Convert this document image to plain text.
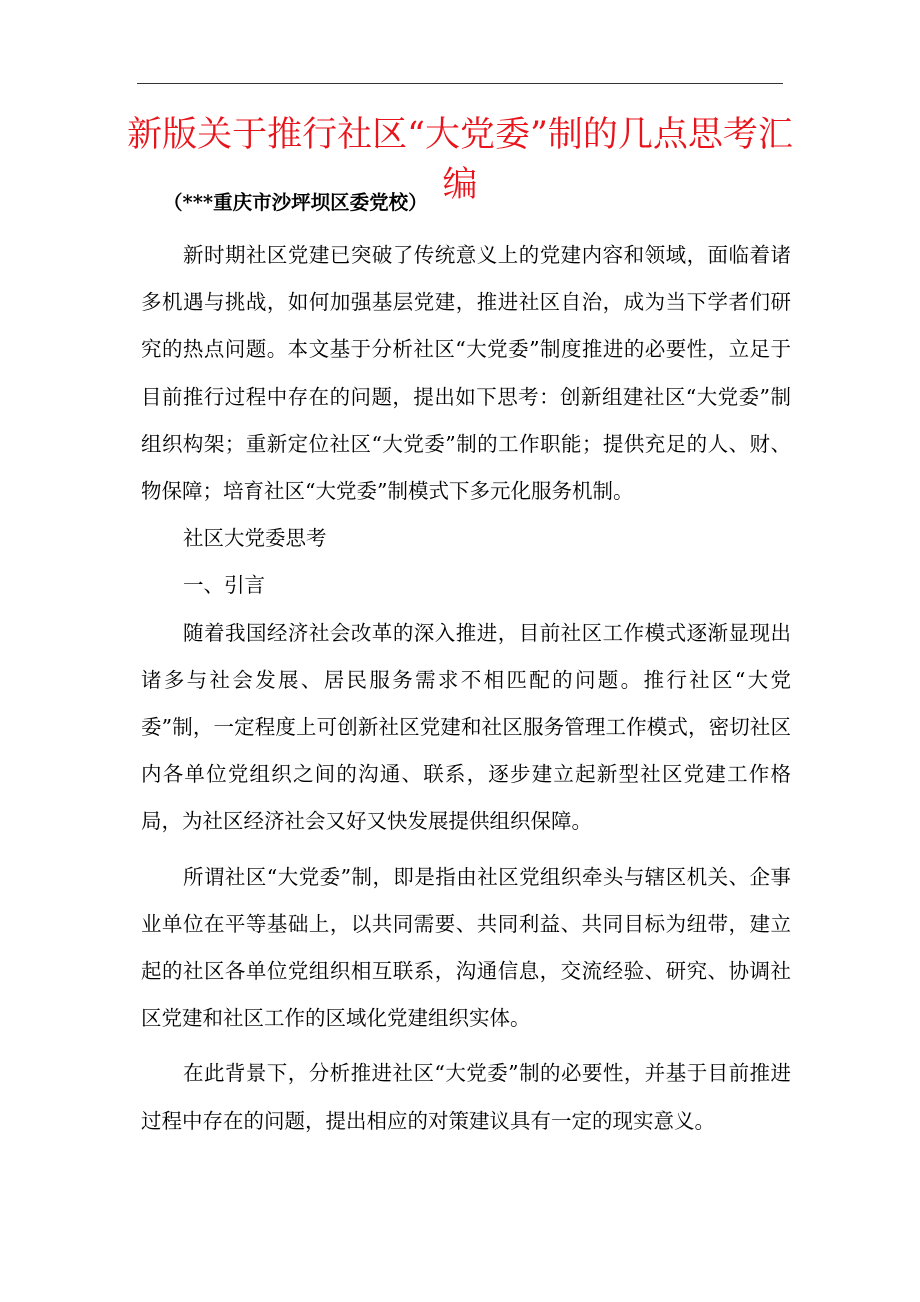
新版关于推行社区“大党委”制的几点思考汇编

（***重庆市沙坪坝区委党校）

新时期社区党建已突破了传统意义上的党建内容和领域，面临着诸多机遇与挑战，如何加强基层党建，推进社区自治，成为当下学者们研究的热点问题。本文基于分析社区“大党委”制度推进的必要性，立足于目前推行过程中存在的问题，提出如下思考：创新组建社区“大党委”制组织构架；重新定位社区“大党委”制的工作职能；提供充足的人、财、物保障；培育社区“大党委”制模式下多元化服务机制。

社区大党委思考

一、引言

随着我国经济社会改革的深入推进，目前社区工作模式逐渐显现出诸多与社会发展、居民服务需求不相匹配的问题。推行社区“大党委”制，一定程度上可创新社区党建和社区服务管理工作模式，密切社区内各单位党组织之间的沟通、联系，逐步建立起新型社区党建工作格局，为社区经济社会又好又快发展提供组织保障。

所谓社区“大党委”制，即是指由社区党组织牵头与辖区机关、企事业单位在平等基础上，以共同需要、共同利益、共同目标为纽带，建立起的社区各单位党组织相互联系，沟通信息，交流经验、研究、协调社区党建和社区工作的区域化党建组织实体。

在此背景下，分析推进社区“大党委”制的必要性，并基于目前推进过程中存在的问题，提出相应的对策建议具有一定的现实意义。
